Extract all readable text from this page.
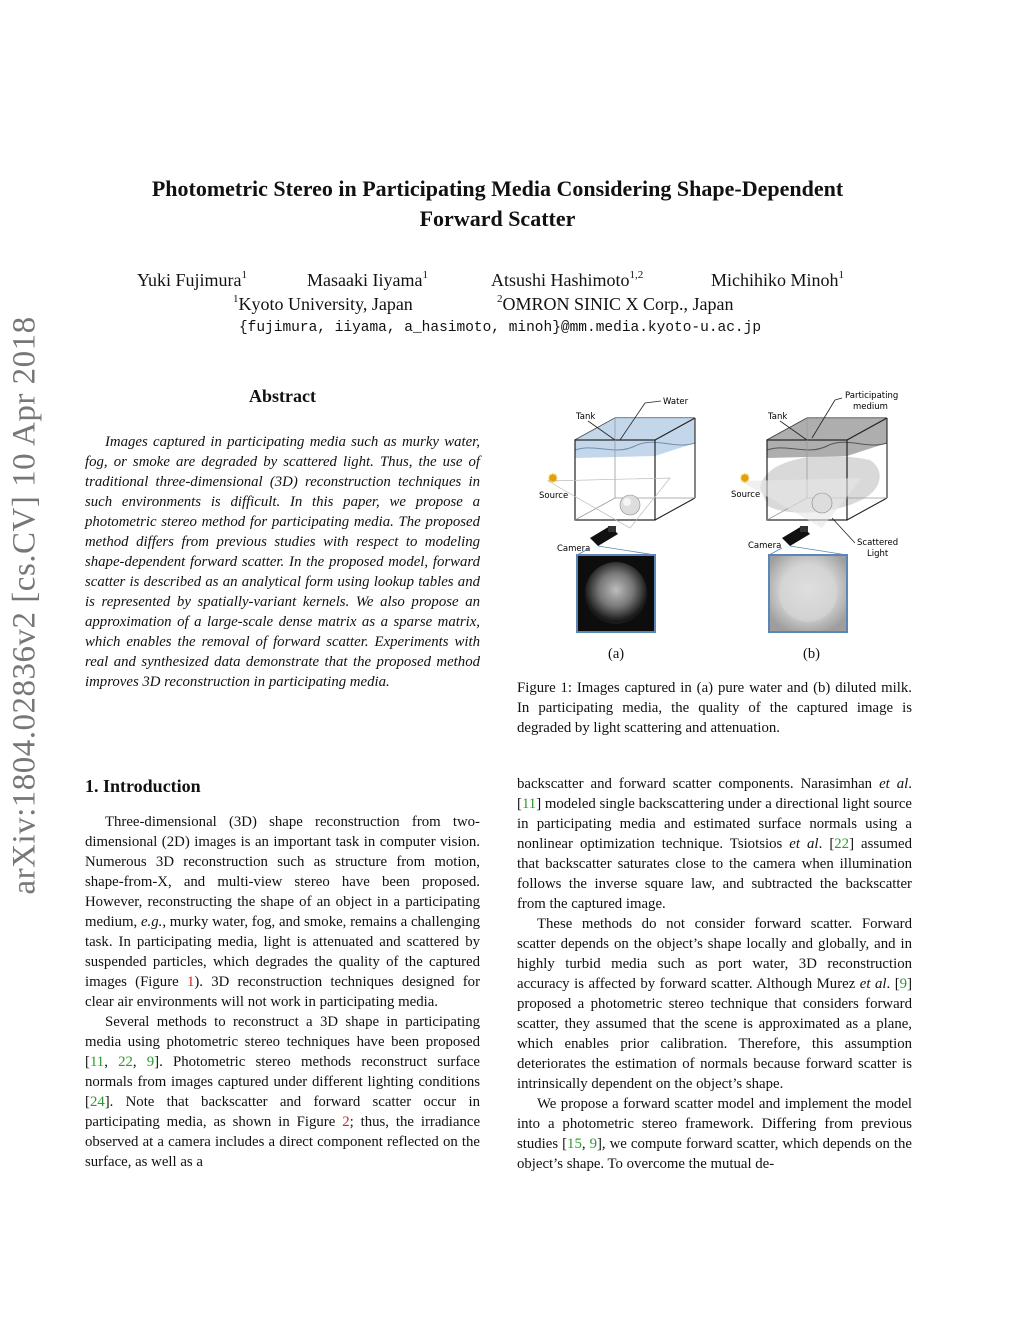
arXiv:1804.02836v2 [cs.CV] 10 Apr 2018
Photometric Stereo in Participating Media Considering Shape-Dependent
Forward Scatter
Yuki Fujimura$^1$	Masaaki Iiyama$^1$	Atsushi Hashimoto$^{1,2}$	Michihiko Minoh$^1$
$^1$Kyoto University, Japan	$^2$OMRON SINIC X Corp., Japan
{fujimura, iiyama, a_hasimoto, minoh}@mm.media.kyoto-u.ac.jp
Abstract

Images captured in participating media such as murky water, fog, or smoke are degraded by scattered light. Thus, the use of traditional three-dimensional (3D) reconstruction techniques in such environments is difficult. In this paper, we propose a photometric stereo method for participating media. The proposed method differs from previous studies with respect to modeling shape-dependent forward scatter. In the proposed model, forward scatter is described as an analytical form using lookup tables and is represented by spatially-variant kernels. We also propose an approximation of a large-scale dense matrix as a sparse matrix, which enables the removal of forward scatter. Experiments with real and synthesized data demonstrate that the proposed method improves 3D reconstruction in participating media.

1. Introduction

Three-dimensional (3D) shape reconstruction from two-dimensional (2D) images is an important task in computer vision. Numerous 3D reconstruction such as structure from motion, shape-from-X, and multi-view stereo have been proposed. However, reconstructing the shape of an object in a participating medium, e.g., murky water, fog, and smoke, remains a challenging task. In participating media, light is attenuated and scattered by suspended particles, which degrades the quality of the captured images (Figure 1). 3D reconstruction techniques designed for clear air environments will not work in participating media.

Several methods to reconstruct a 3D shape in participating media using photometric stereo techniques have been proposed [11, 22, 9]. Photometric stereo methods reconstruct surface normals from images captured under different lighting conditions [24]. Note that backscatter and forward scatter occur in participating media, as shown in Figure 2; thus, the irradiance observed at a camera includes a direct component reflected on the surface, as well as a

✹
Source
Tank
Water
Camera
✹
Source
Tank
Participating
medium
Camera	Scattered
Light
(a)	(b)
Figure 1: Images captured in (a) pure water and (b) diluted milk. In participating media, the quality of the captured image is degraded by light scattering and attenuation.

backscatter and forward scatter components. Narasimhan et al. [11] modeled single backscattering under a directional light source in participating media and estimated surface normals using a nonlinear optimization technique. Tsiotsios et al. [22] assumed that backscatter saturates close to the camera when illumination follows the inverse square law, and subtracted the backscatter from the captured image.

These methods do not consider forward scatter. Forward scatter depends on the object’s shape locally and globally, and in highly turbid media such as port water, 3D reconstruction accuracy is affected by forward scatter. Although Murez et al. [9] proposed a photometric stereo technique that considers forward scatter, they assumed that the scene is approximated as a plane, which enables prior calibration. Therefore, this assumption deteriorates the estimation of normals because forward scatter is intrinsically dependent on the object’s shape.

We propose a forward scatter model and implement the model into a photometric stereo framework. Differing from previous studies [15, 9], we compute forward scatter, which depends on the object’s shape. To overcome the mutual de-
